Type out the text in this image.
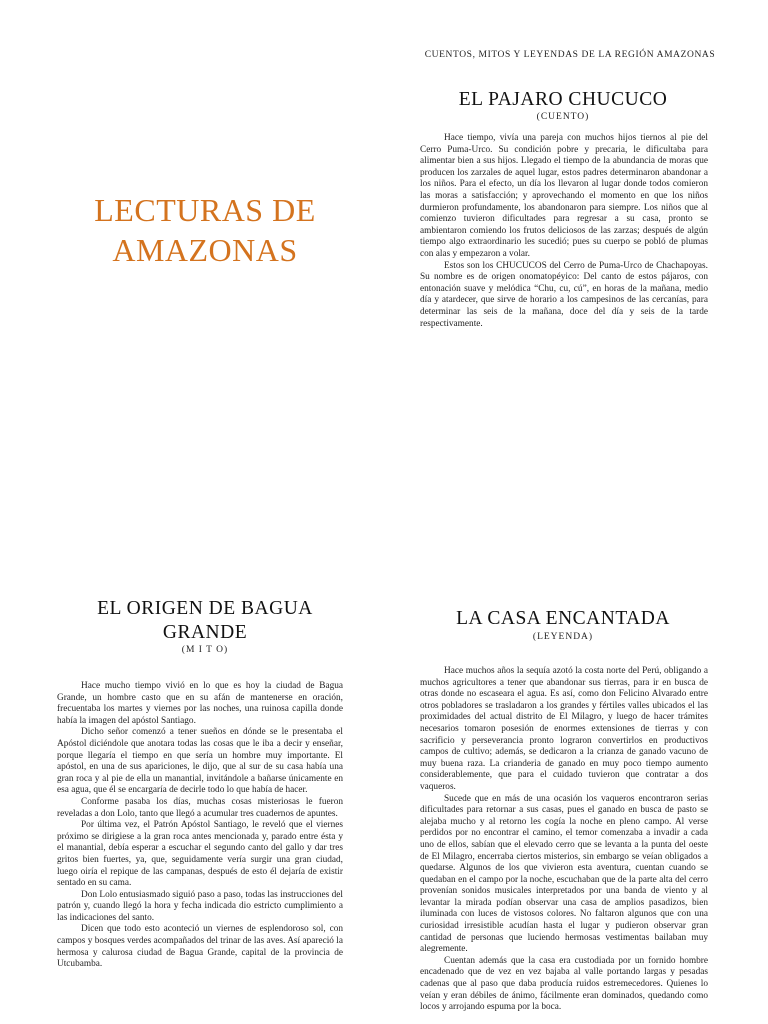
CUENTOS, MITOS Y LEYENDAS DE LA REGIÓN AMAZONAS
LECTURAS DE
AMAZONAS
EL PAJARO CHUCUCO
(CUENTO)

Hace tiempo, vivía una pareja con muchos hijos tiernos al pie del Cerro Puma-Urco. Su condición pobre y precaria, le dificultaba para alimentar bien a sus hijos. Llegado el tiempo de la abundancia de moras que producen los zarzales de aquel lugar, estos padres determinaron abandonar a los niños. Para el efecto, un día los llevaron al lugar donde todos comieron las moras a satisfacción; y aprovechando el momento en que los niños durmieron profundamente, los abandonaron para siempre. Los niños que al comienzo tuvieron dificultades para regresar a su casa, pronto se ambientaron comiendo los frutos deliciosos de las zarzas; después de algún tiempo algo extraordinario les sucedió; pues su cuerpo se pobló de plumas con alas y empezaron a volar.

Estos son los CHUCUCOS del Cerro de Puma-Urco de Chachapoyas. Su nombre es de origen onomatopéyico: Del canto de estos pájaros, con entonación suave y melódica “Chu, cu, cú”, en horas de la mañana, medio día y atardecer, que sirve de horario a los campesinos de las cercanías, para determinar las seis de la mañana, doce del día y seis de la tarde respectivamente.

EL ORIGEN DE BAGUA GRANDE
(M I T O)

Hace mucho tiempo vivió en lo que es hoy la ciudad de Bagua Grande, un hombre casto que en su afán de mantenerse en oración, frecuentaba los martes y viernes por las noches, una ruinosa capilla donde había la imagen del apóstol Santiago.

Dicho señor comenzó a tener sueños en dónde se le presentaba el Apóstol diciéndole que anotara todas las cosas que le iba a decir y enseñar, porque llegaría el tiempo en que sería un hombre muy importante. El apóstol, en una de sus apariciones, le dijo, que al sur de su casa había una gran roca y al pie de ella un manantial, invitándole a bañarse únicamente en esa agua, que él se encargaría de decirle todo lo que había de hacer.

Conforme pasaba los días, muchas cosas misteriosas le fueron reveladas a don Lolo, tanto que llegó a acumular tres cuadernos de apuntes.

Por última vez, el Patrón Apóstol Santiago, le reveló que el viernes próximo se dirigiese a la gran roca antes mencionada y, parado entre ésta y el manantial, debía esperar a escuchar el segundo canto del gallo y dar tres gritos bien fuertes, ya, que, seguidamente vería surgir una gran ciudad, luego oiría el repique de las campanas, después de esto él dejaría de existir sentado en su cama.

Don Lolo entusiasmado siguió paso a paso, todas las instrucciones del patrón y, cuando llegó la hora y fecha indicada dio estricto cumplimiento a las indicaciones del santo.

Dicen que todo esto aconteció un viernes de esplendoroso sol, con campos y bosques verdes acompañados del trinar de las aves. Así apareció la hermosa y calurosa ciudad de Bagua Grande, capital de la provincia de Utcubamba.

LA CASA ENCANTADA
(LEYENDA)

Hace muchos años la sequía azotó la costa norte del Perú, obligando a muchos agricultores a tener que abandonar sus tierras, para ir en busca de otras donde no escaseara el agua. Es así, como don Felicino Alvarado entre otros pobladores se trasladaron a los grandes y fértiles valles ubicados el las proximidades del actual distrito de El Milagro, y luego de hacer trámites necesarios tomaron posesión de enormes extensiones de tierras y con sacrificio y perseverancia pronto lograron convertirlos en productivos campos de cultivo; además, se dedicaron a la crianza de ganado vacuno de muy buena raza. La crianderia de ganado en muy poco tiempo aumento considerablemente, que para el cuidado tuvieron que contratar a dos vaqueros.

Sucede que en más de una ocasión los vaqueros encontraron serias dificultades para retornar a sus casas, pues el ganado en busca de pasto se alejaba mucho y al retorno les cogía la noche en pleno campo. Al verse perdidos por no encontrar el camino, el temor comenzaba a invadir a cada uno de ellos, sabían que el elevado cerro que se levanta a la punta del oeste de El Milagro, encerraba ciertos misterios, sin embargo se veían obligados a quedarse. Algunos de los que vivieron esta aventura, cuentan cuando se quedaban en el campo por la noche, escuchaban que de la parte alta del cerro provenían sonidos musicales interpretados por una banda de viento y al levantar la mirada podían observar una casa de amplios pasadizos, bien iluminada con luces de vistosos colores. No faltaron algunos que con una curiosidad irresistible acudían hasta el lugar y pudieron observar gran cantidad de personas que luciendo hermosas vestimentas bailaban muy alegremente.

Cuentan además que la casa era custodiada por un fornido hombre encadenado que de vez en vez bajaba al valle portando largas y pesadas cadenas que al paso que daba producía ruidos estremecedores. Quienes lo veían y eran débiles de ánimo, fácilmente eran dominados, quedando como locos y arrojando espuma por la boca.
